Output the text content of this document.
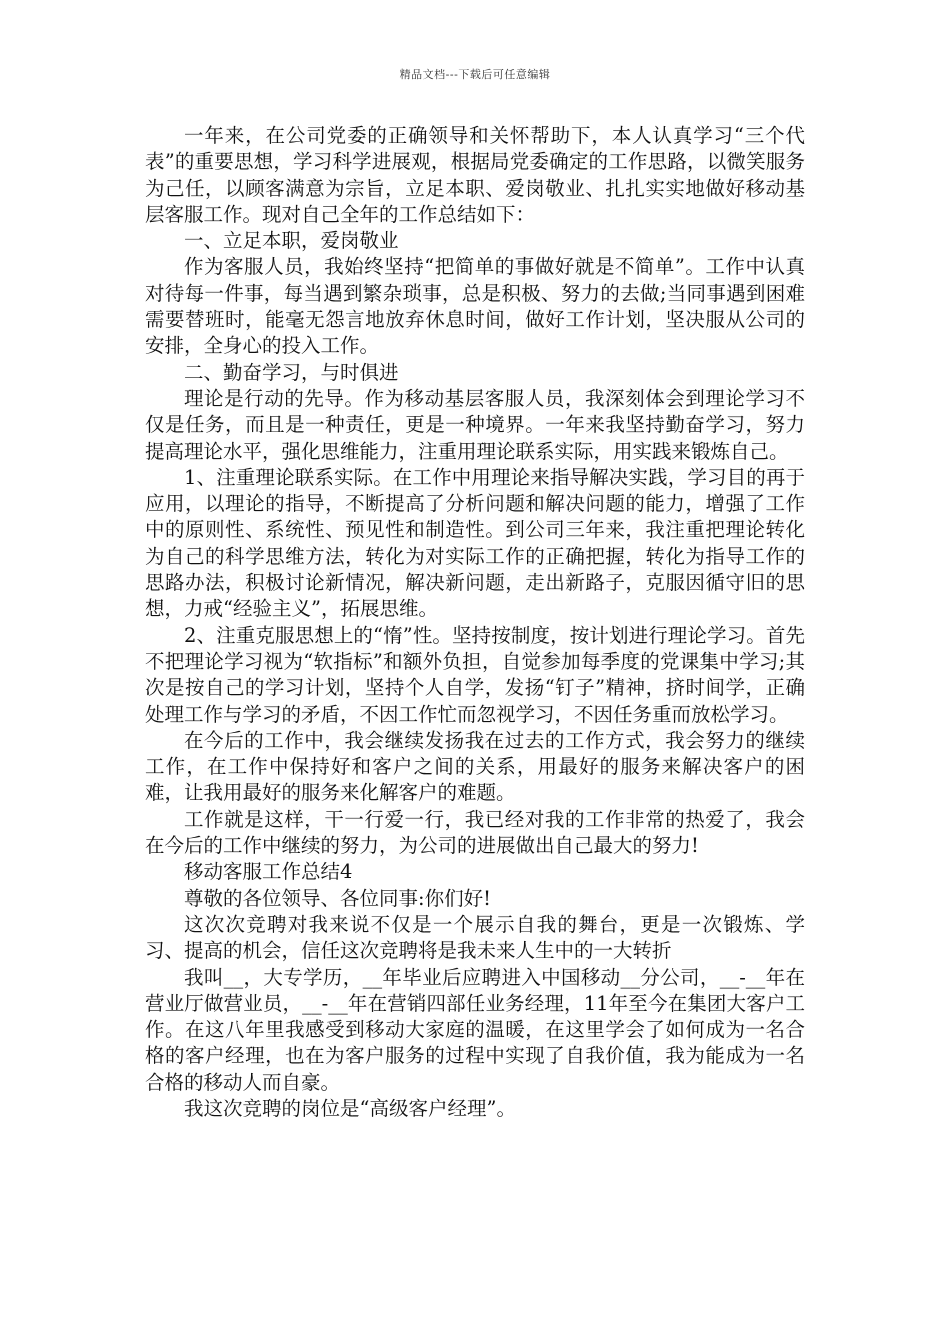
精品文档---下载后可任意编辑

一年来，在公司党委的正确领导和关怀帮助下，本人认真学习“三个代表”的重要思想，学习科学进展观，根据局党委确定的工作思路，以微笑服务为己任，以顾客满意为宗旨，立足本职、爱岗敬业、扎扎实实地做好移动基层客服工作。现对自己全年的工作总结如下：

一、立足本职，爱岗敬业

作为客服人员，我始终坚持“把简单的事做好就是不简单”。工作中认真对待每一件事，每当遇到繁杂琐事，总是积极、努力的去做;当同事遇到困难需要替班时，能毫无怨言地放弃休息时间，做好工作计划，坚决服从公司的安排，全身心的投入工作。

二、勤奋学习，与时俱进

理论是行动的先导。作为移动基层客服人员，我深刻体会到理论学习不仅是任务，而且是一种责任，更是一种境界。一年来我坚持勤奋学习，努力提高理论水平，强化思维能力，注重用理论联系实际，用实践来锻炼自己。

1、注重理论联系实际。在工作中用理论来指导解决实践，学习目的再于应用，以理论的指导，不断提高了分析问题和解决问题的能力，增强了工作中的原则性、系统性、预见性和制造性。到公司三年来，我注重把理论转化为自己的科学思维方法，转化为对实际工作的正确把握，转化为指导工作的思路办法，积极讨论新情况，解决新问题，走出新路子，克服因循守旧的思想，力戒“经验主义”，拓展思维。

2、注重克服思想上的“惰”性。坚持按制度，按计划进行理论学习。首先不把理论学习视为“软指标”和额外负担，自觉参加每季度的党课集中学习;其次是按自己的学习计划，坚持个人自学，发扬“钉子”精神，挤时间学，正确处理工作与学习的矛盾，不因工作忙而忽视学习，不因任务重而放松学习。

在今后的工作中，我会继续发扬我在过去的工作方式，我会努力的继续工作，在工作中保持好和客户之间的关系，用最好的服务来解决客户的困难，让我用最好的服务来化解客户的难题。

工作就是这样，干一行爱一行，我已经对我的工作非常的热爱了，我会在今后的工作中继续的努力，为公司的进展做出自己最大的努力!

移动客服工作总结4

尊敬的各位领导、各位同事:你们好!

这次次竞聘对我来说不仅是一个展示自我的舞台，更是一次锻炼、学习、提高的机会，信任这次竞聘将是我未来人生中的一大转折

我叫__，大专学历，__年毕业后应聘进入中国移动__分公司，__-__年在营业厅做营业员，__-__年在营销四部任业务经理，11年至今在集团大客户工作。在这八年里我感受到移动大家庭的温暖，在这里学会了如何成为一名合格的客户经理，也在为客户服务的过程中实现了自我价值，我为能成为一名合格的移动人而自豪。

我这次竞聘的岗位是“高级客户经理”。
